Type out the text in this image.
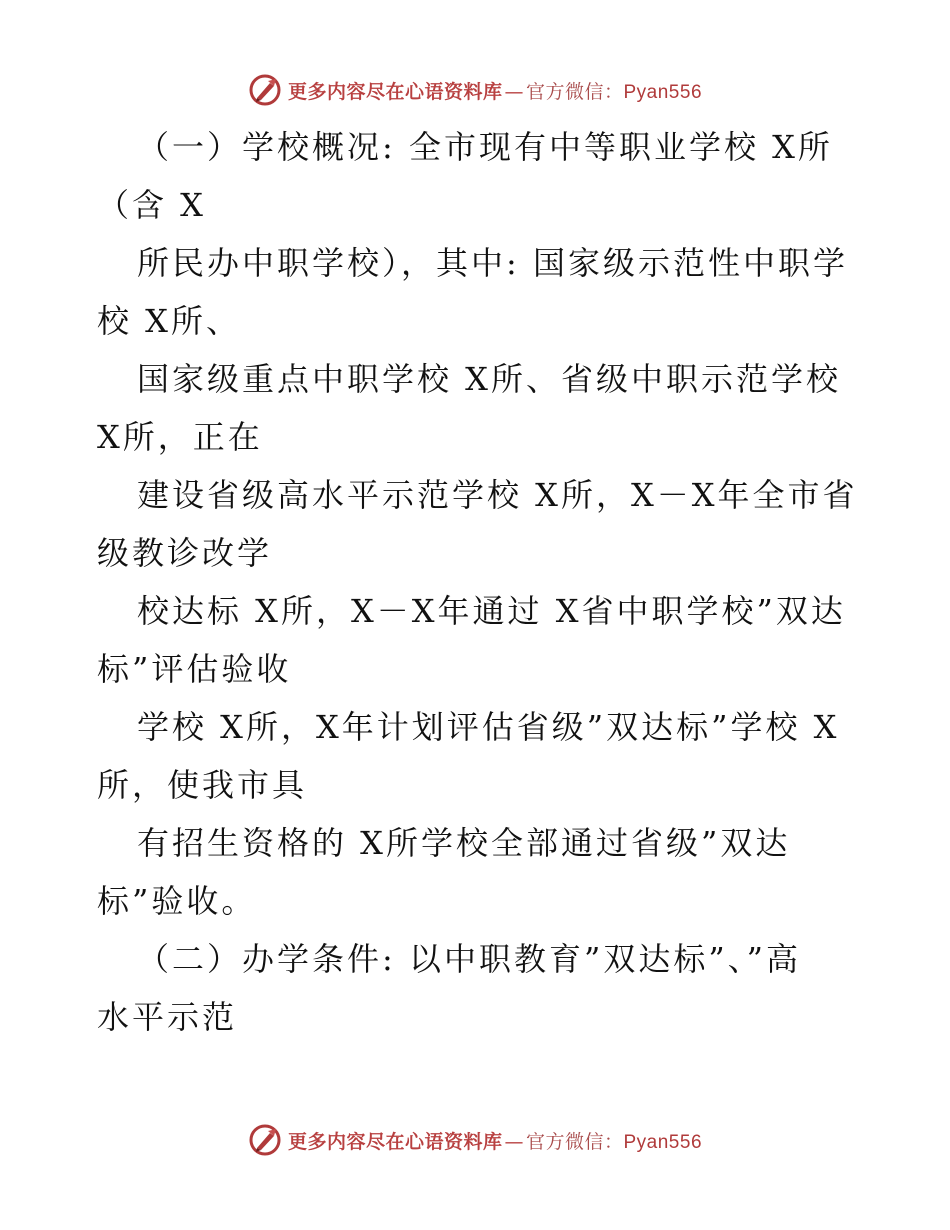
更多内容尽在心语资料库 — 官方微信：Pyan556
（一）学校概况: 全市现有中等职业学校 X所
（含 X
所民办中职学校），其中: 国家级示范性中职学
校 X所、
国家级重点中职学校 X所、省级中职示范学校
X所，正在
建设省级高水平示范学校 X所，X－X年全市省
级教诊改学
校达标 X所，X－X年通过 X省中职学校”双达
标”评估验收
学校 X所，X年计划评估省级”双达标”学校 X
所，使我市具
有招生资格的 X所学校全部通过省级”双达
标”验收。
（二）办学条件: 以中职教育”双达标”、”高
水平示范
更多内容尽在心语资料库 — 官方微信：Pyan556
